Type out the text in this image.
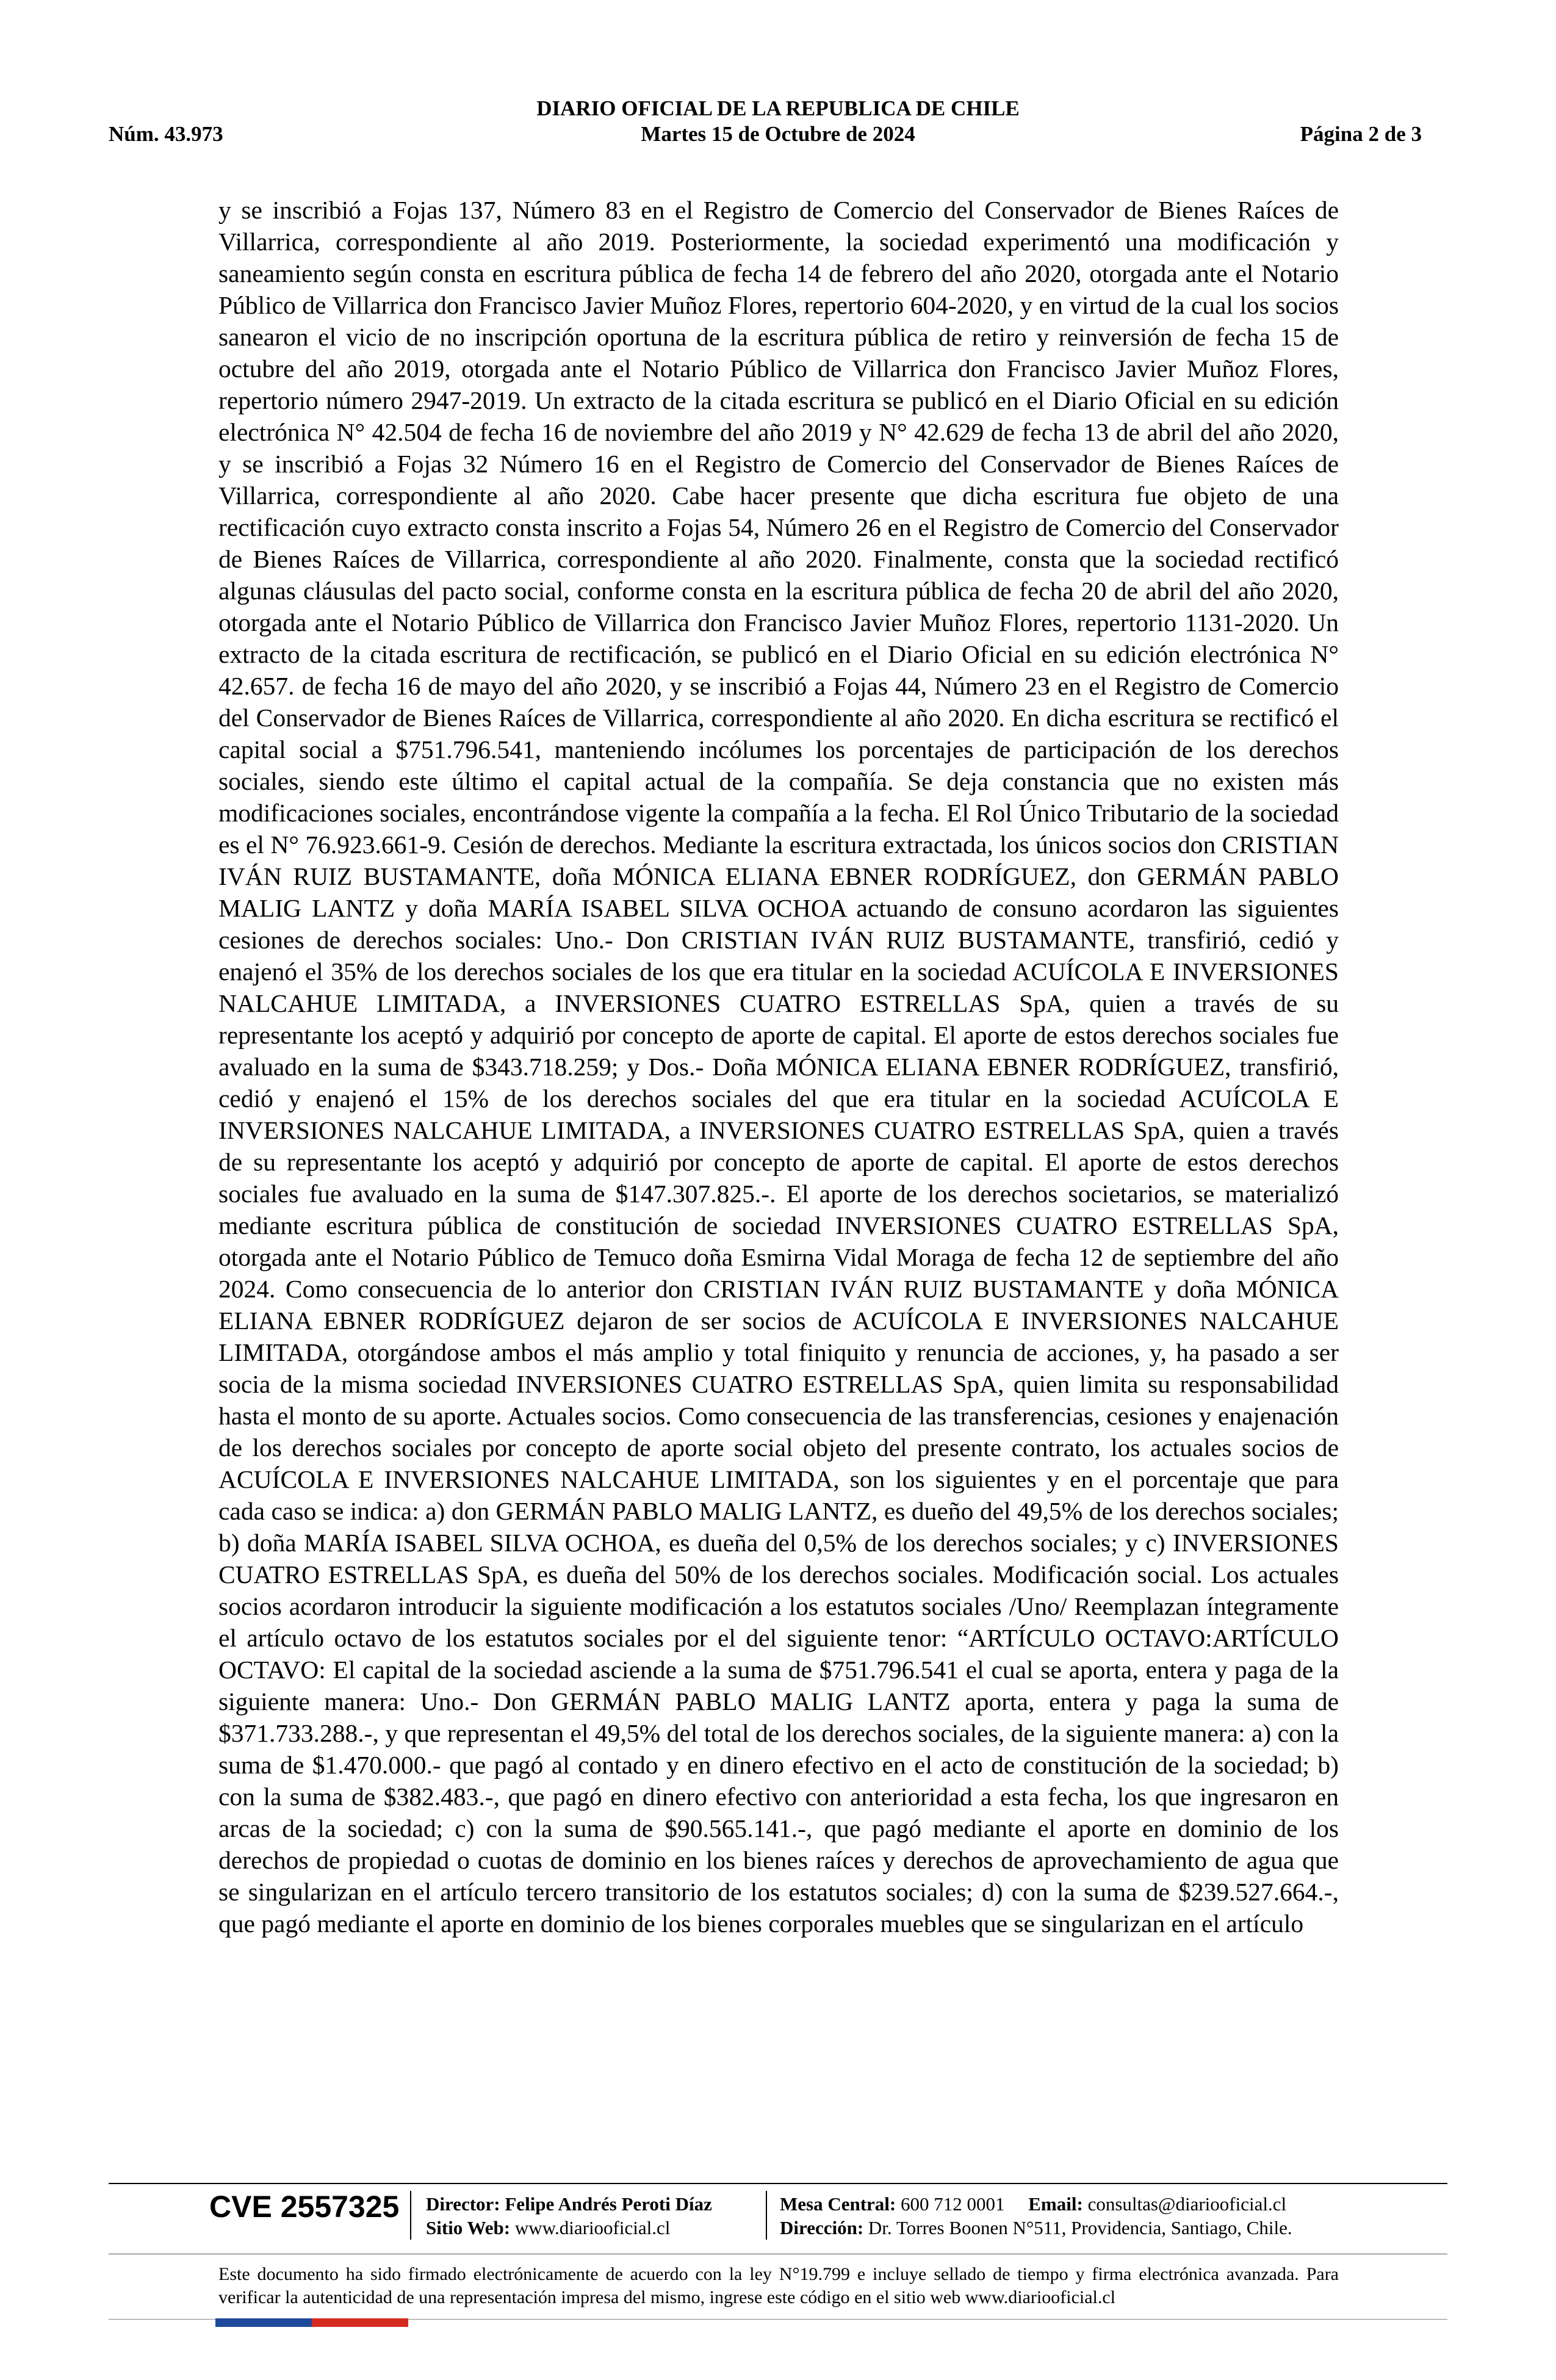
DIARIO OFICIAL DE LA REPUBLICA DE CHILE
Núm. 43.973	Martes 15 de Octubre de 2024	Página 2 de 3

y se inscribió a Fojas 137, Número 83 en el Registro de Comercio del Conservador de Bienes Raíces de Villarrica, correspondiente al año 2019. Posteriormente, la sociedad experimentó una modificación y saneamiento según consta en escritura pública de fecha 14 de febrero del año 2020, otorgada ante el Notario Público de Villarrica don Francisco Javier Muñoz Flores, repertorio 604-2020, y en virtud de la cual los socios sanearon el vicio de no inscripción oportuna de la escritura pública de retiro y reinversión de fecha 15 de octubre del año 2019, otorgada ante el Notario Público de Villarrica don Francisco Javier Muñoz Flores, repertorio número 2947-2019. Un extracto de la citada escritura se publicó en el Diario Oficial en su edición electrónica N° 42.504 de fecha 16 de noviembre del año 2019 y N° 42.629 de fecha 13 de abril del año 2020, y se inscribió a Fojas 32 Número 16 en el Registro de Comercio del Conservador de Bienes Raíces de Villarrica, correspondiente al año 2020. Cabe hacer presente que dicha escritura fue objeto de una rectificación cuyo extracto consta inscrito a Fojas 54, Número 26 en el Registro de Comercio del Conservador de Bienes Raíces de Villarrica, correspondiente al año 2020. Finalmente, consta que la sociedad rectificó algunas cláusulas del pacto social, conforme consta en la escritura pública de fecha 20 de abril del año 2020, otorgada ante el Notario Público de Villarrica don Francisco Javier Muñoz Flores, repertorio 1131-2020. Un extracto de la citada escritura de rectificación, se publicó en el Diario Oficial en su edición electrónica N° 42.657. de fecha 16 de mayo del año 2020, y se inscribió a Fojas 44, Número 23 en el Registro de Comercio del Conservador de Bienes Raíces de Villarrica, correspondiente al año 2020. En dicha escritura se rectificó el capital social a $751.796.541, manteniendo incólumes los porcentajes de participación de los derechos sociales, siendo este último el capital actual de la compañía. Se deja constancia que no existen más modificaciones sociales, encontrándose vigente la compañía a la fecha. El Rol Único Tributario de la sociedad es el N° 76.923.661-9. Cesión de derechos. Mediante la escritura extractada, los únicos socios don CRISTIAN IVÁN RUIZ BUSTAMANTE, doña MÓNICA ELIANA EBNER RODRÍGUEZ, don GERMÁN PABLO MALIG LANTZ y doña MARÍA ISABEL SILVA OCHOA actuando de consuno acordaron las siguientes cesiones de derechos sociales: Uno.- Don CRISTIAN IVÁN RUIZ BUSTAMANTE, transfirió, cedió y enajenó el 35% de los derechos sociales de los que era titular en la sociedad ACUÍCOLA E INVERSIONES NALCAHUE LIMITADA, a INVERSIONES CUATRO ESTRELLAS SpA, quien a través de su representante los aceptó y adquirió por concepto de aporte de capital. El aporte de estos derechos sociales fue avaluado en la suma de $343.718.259; y Dos.- Doña MÓNICA ELIANA EBNER RODRÍGUEZ, transfirió, cedió y enajenó el 15% de los derechos sociales del que era titular en la sociedad ACUÍCOLA E INVERSIONES NALCAHUE LIMITADA, a INVERSIONES CUATRO ESTRELLAS SpA, quien a través de su representante los aceptó y adquirió por concepto de aporte de capital. El aporte de estos derechos sociales fue avaluado en la suma de $147.307.825.-. El aporte de los derechos societarios, se materializó mediante escritura pública de constitución de sociedad INVERSIONES CUATRO ESTRELLAS SpA, otorgada ante el Notario Público de Temuco doña Esmirna Vidal Moraga de fecha 12 de septiembre del año 2024. Como consecuencia de lo anterior don CRISTIAN IVÁN RUIZ BUSTAMANTE y doña MÓNICA ELIANA EBNER RODRÍGUEZ dejaron de ser socios de ACUÍCOLA E INVERSIONES NALCAHUE LIMITADA, otorgándose ambos el más amplio y total finiquito y renuncia de acciones, y, ha pasado a ser socia de la misma sociedad INVERSIONES CUATRO ESTRELLAS SpA, quien limita su responsabilidad hasta el monto de su aporte. Actuales socios. Como consecuencia de las transferencias, cesiones y enajenación de los derechos sociales por concepto de aporte social objeto del presente contrato, los actuales socios de ACUÍCOLA E INVERSIONES NALCAHUE LIMITADA, son los siguientes y en el porcentaje que para cada caso se indica: a) don GERMÁN PABLO MALIG LANTZ, es dueño del 49,5% de los derechos sociales; b) doña MARÍA ISABEL SILVA OCHOA, es dueña del 0,5% de los derechos sociales; y c) INVERSIONES CUATRO ESTRELLAS SpA, es dueña del 50% de los derechos sociales. Modificación social. Los actuales socios acordaron introducir la siguiente modificación a los estatutos sociales /Uno/ Reemplazan íntegramente el artículo octavo de los estatutos sociales por el del siguiente tenor: “ARTÍCULO OCTAVO:ARTÍCULO OCTAVO: El capital de la sociedad asciende a la suma de $751.796.541 el cual se aporta, entera y paga de la siguiente manera: Uno.- Don GERMÁN PABLO MALIG LANTZ aporta, entera y paga la suma de $371.733.288.-, y que representan el 49,5% del total de los derechos sociales, de la siguiente manera: a) con la suma de $1.470.000.- que pagó al contado y en dinero efectivo en el acto de constitución de la sociedad; b) con la suma de $382.483.-, que pagó en dinero efectivo con anterioridad a esta fecha, los que ingresaron en arcas de la sociedad; c) con la suma de $90.565.141.-, que pagó mediante el aporte en dominio de los derechos de propiedad o cuotas de dominio en los bienes raíces y derechos de aprovechamiento de agua que se singularizan en el artículo tercero transitorio de los estatutos sociales; d) con la suma de $239.527.664.-, que pagó mediante el aporte en dominio de los bienes corporales muebles que se singularizan en el artículo

CVE 2557325 Director: Felipe Andrés Peroti Díaz
Sitio Web: www.diariooficial.cl
Mesa Central: 600 712 0001 Email: consultas@diariooficial.cl
Dirección: Dr. Torres Boonen N°511, Providencia, Santiago, Chile.
Este documento ha sido firmado electrónicamente de acuerdo con la ley N°19.799 e incluye sellado de tiempo y firma electrónica avanzada. Para verificar la autenticidad de una representación impresa del mismo, ingrese este código en el sitio web www.diariooficial.cl
